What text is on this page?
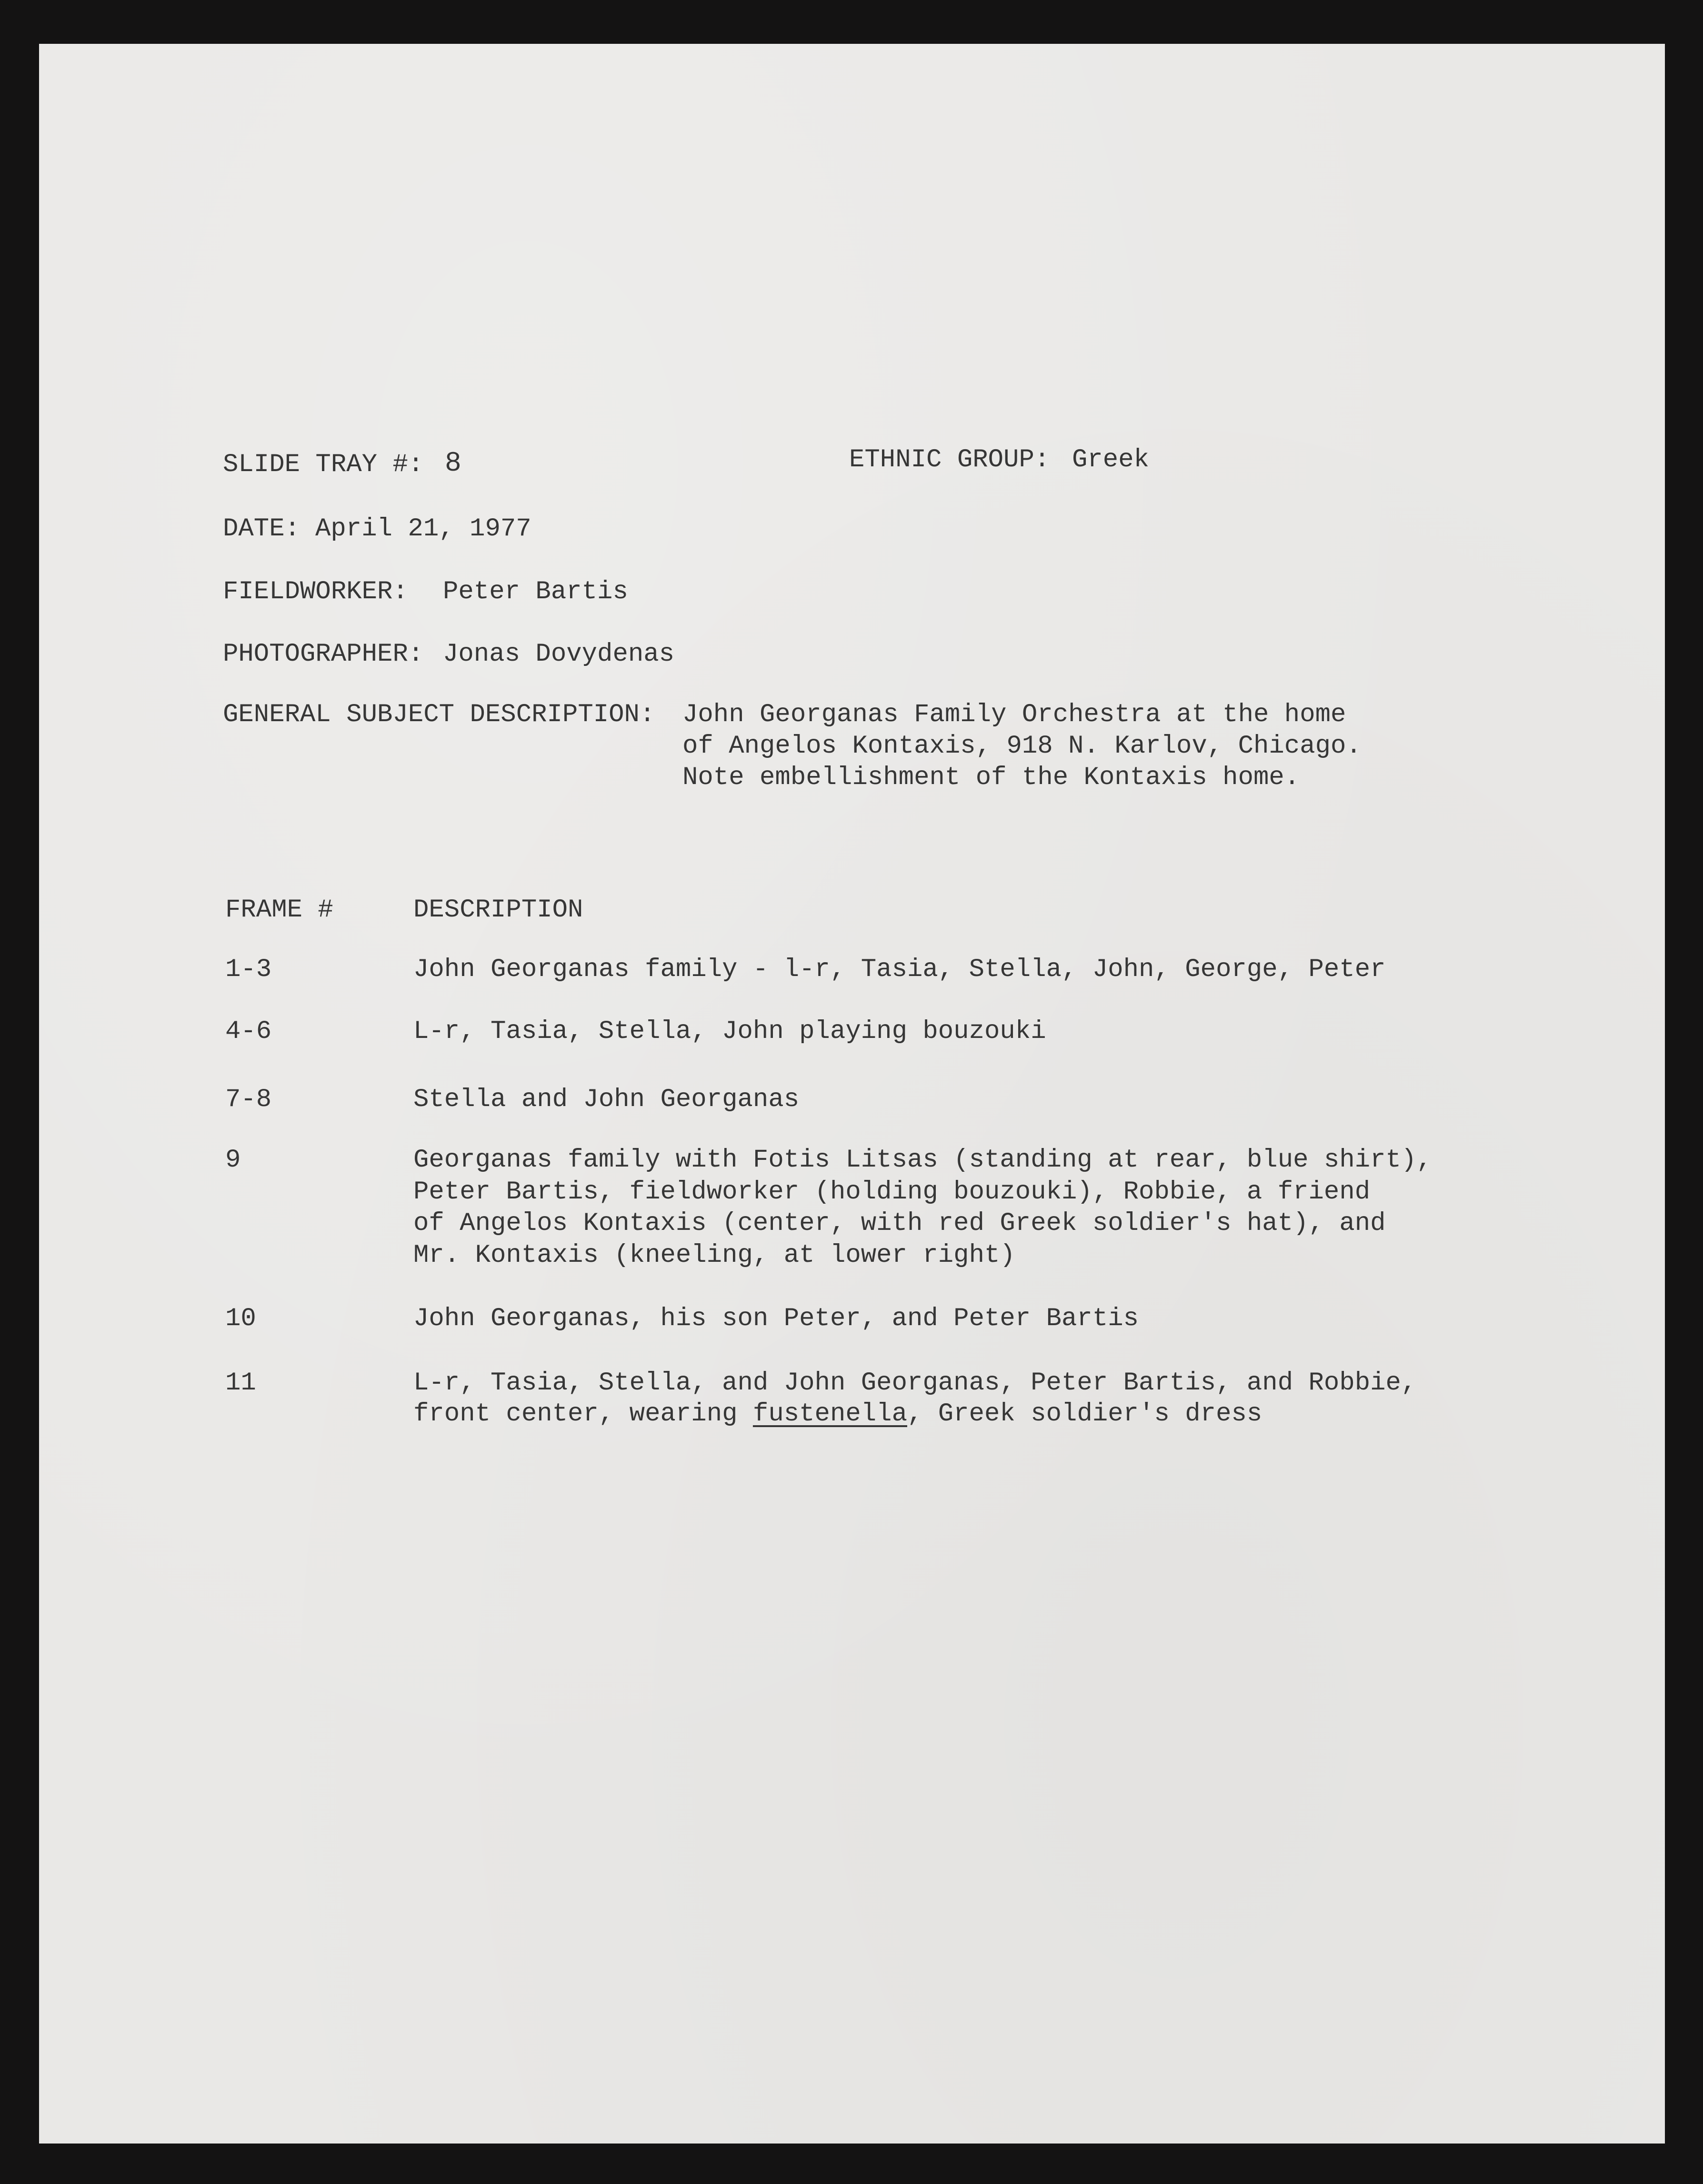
SLIDE TRAY #: 8	ETHNIC GROUP: Greek
DATE: April 21, 1977
FIELDWORKER: Peter Bartis
PHOTOGRAPHER: Jonas Dovydenas
GENERAL SUBJECT DESCRIPTION: John Georganas Family Orchestra at the home
of Angelos Kontaxis, 918 N. Karlov, Chicago.
Note embellishment of the Kontaxis home.
FRAME #	DESCRIPTION
1-3	John Georganas family - l-r, Tasia, Stella, John, George, Peter
4-6	L-r, Tasia, Stella, John playing bouzouki
7-8	Stella and John Georganas
9	Georganas family with Fotis Litsas (standing at rear, blue shirt),
Peter Bartis, fieldworker (holding bouzouki), Robbie, a friend
of Angelos Kontaxis (center, with red Greek soldier's hat), and
Mr. Kontaxis (kneeling, at lower right)
10	John Georganas, his son Peter, and Peter Bartis
11	L-r, Tasia, Stella, and John Georganas, Peter Bartis, and Robbie,
front center, wearing fustenella, Greek soldier's dress
